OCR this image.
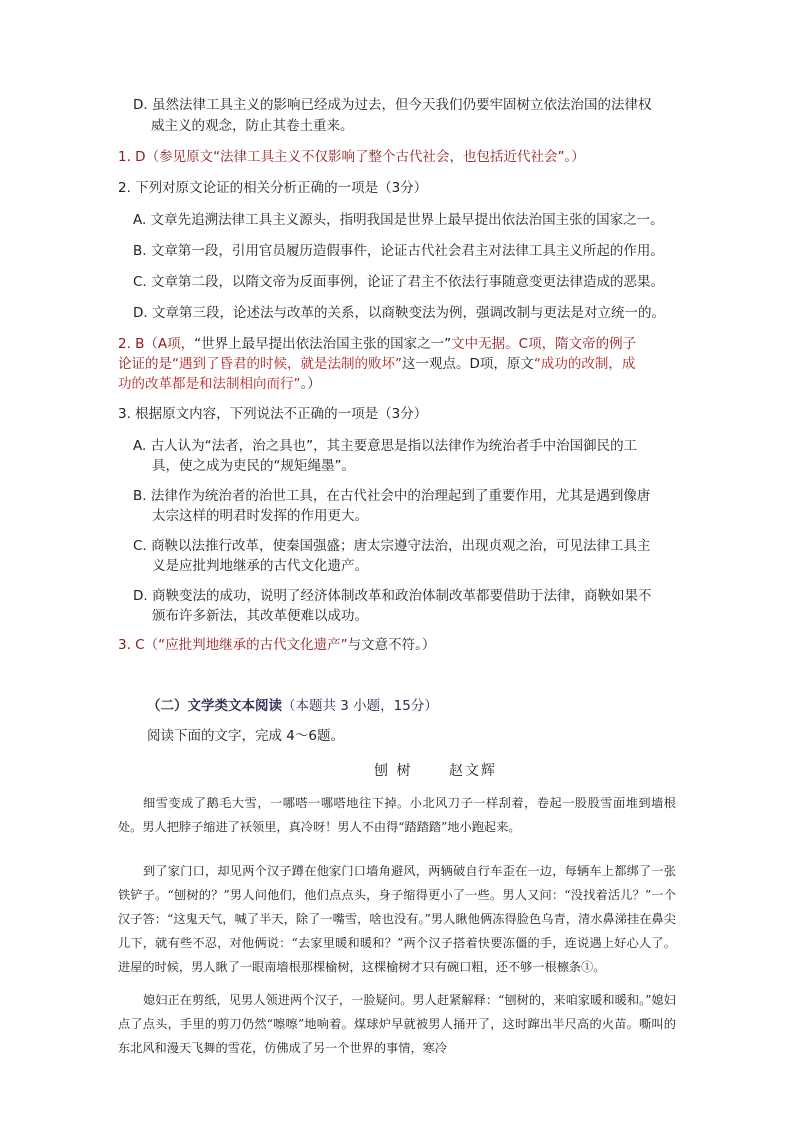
D. 虽然法律工具主义的影响已经成为过去，但今天我们仍要牢固树立依法治国的法律权
威主义的观念，防止其卷土重来。
1. D（参见原文“法律工具主义不仅影响了整个古代社会，也包括近代社会”。）
2. 下列对原文论证的相关分析正确的一项是（3分）
A. 文章先追溯法律工具主义源头，指明我国是世界上最早提出依法治国主张的国家之一。
B. 文章第一段，引用官员履历造假事件，论证古代社会君主对法律工具主义所起的作用。
C. 文章第二段，以隋文帝为反面事例，论证了君主不依法行事随意变更法律造成的恶果。
D. 文章第三段，论述法与改革的关系，以商鞅变法为例，强调改制与更法是对立统一的。
2. B（A项，“世界上最早提出依法治国主张的国家之一”文中无据。C项，隋文帝的例子
论证的是“遇到了昏君的时候，就是法制的败坏”这一观点。D项，原文“成功的改制，成
功的改革都是和法制相向而行”。）
3. 根据原文内容，下列说法不正确的一项是（3分）
A. 古人认为“法者，治之具也”，其主要意思是指以法律作为统治者手中治国御民的工
具，使之成为吏民的“规矩绳墨”。
B. 法律作为统治者的治世工具，在古代社会中的治理起到了重要作用，尤其是遇到像唐
太宗这样的明君时发挥的作用更大。
C. 商鞅以法推行改革，使秦国强盛；唐太宗遵守法治，出现贞观之治，可见法律工具主
义是应批判地继承的古代文化遗产。
D. 商鞅变法的成功，说明了经济体制改革和政治体制改革都要借助于法律，商鞅如果不
颁布许多新法，其改革便难以成功。
3. C（“应批判地继承的古代文化遗产”与文意不符。）
（二）文学类文本阅读（本题共 3 小题，15分）
阅读下面的文字，完成 4～6题。
刨 树	赵文辉

细雪变成了鹅毛大雪，一哪嗒一哪嗒地往下掉。小北风刀子一样刮着，卷起一股股雪面堆到墙根处。男人把脖子缩进了袄领里，真冷呀！男人不由得“踏踏踏”地小跑起来。

到了家门口，却见两个汉子蹲在他家门口墙角避风，两辆破自行车歪在一边，每辆车上都绑了一张铁铲子。“刨树的？”男人问他们，他们点点头，身子缩得更小了一些。男人又问：“没找着活儿？”一个汉子答：“这鬼天气，喊了半天，除了一嘴雪，啥也没有。”男人瞅他俩冻得脸色乌青，清水鼻涕挂在鼻尖儿下，就有些不忍，对他俩说：“去家里暖和暖和？”两个汉子搭着快要冻僵的手，连说遇上好心人了。进屋的时候，男人瞅了一眼南墙根那棵榆树，这棵榆树才只有碗口粗，还不够一根檩条①。

媳妇正在剪纸，见男人领进两个汉子，一脸疑问。男人赶紧解释：“刨树的，来咱家暖和暖和。”媳妇点了点头，手里的剪刀仍然“嚓嚓”地响着。煤球炉早就被男人捅开了，这时蹿出半尺高的火苗。嘶叫的东北风和漫天飞舞的雪花，仿佛成了另一个世界的事情，寒冷
